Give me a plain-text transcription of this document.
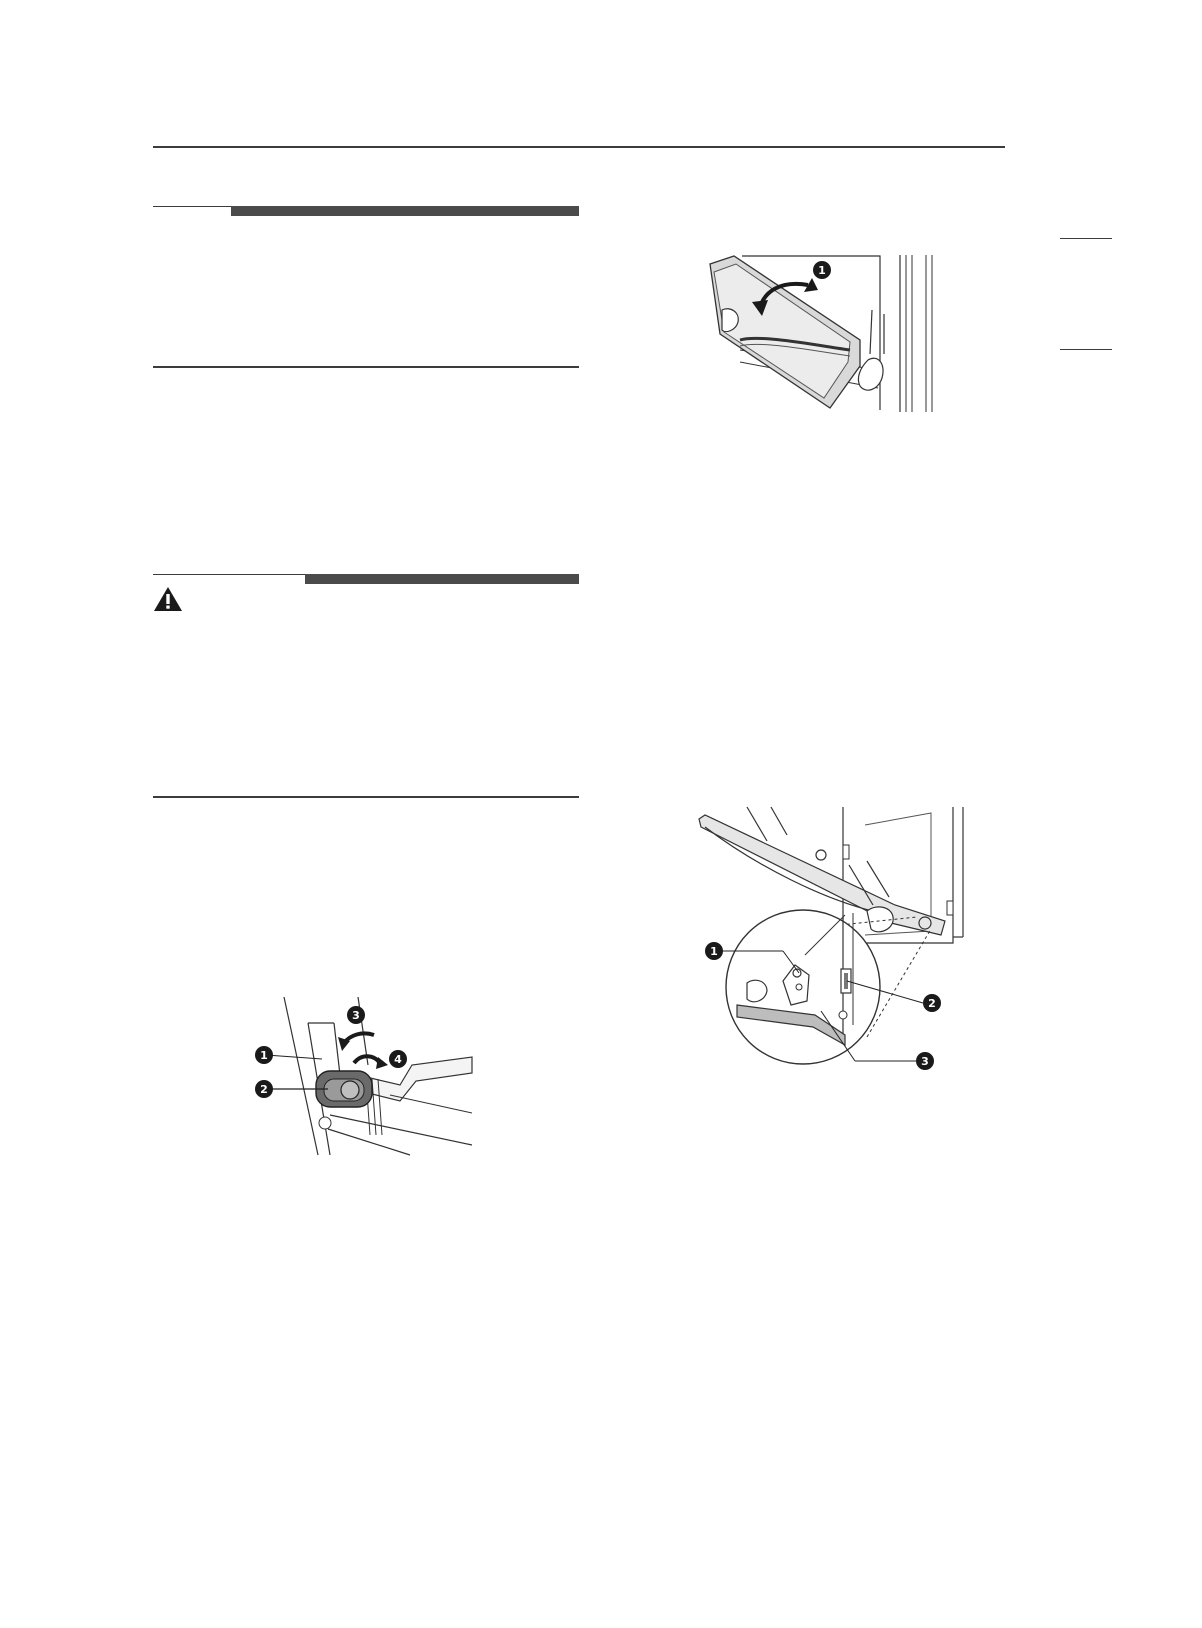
1
1
2
3
4
1
2
3
